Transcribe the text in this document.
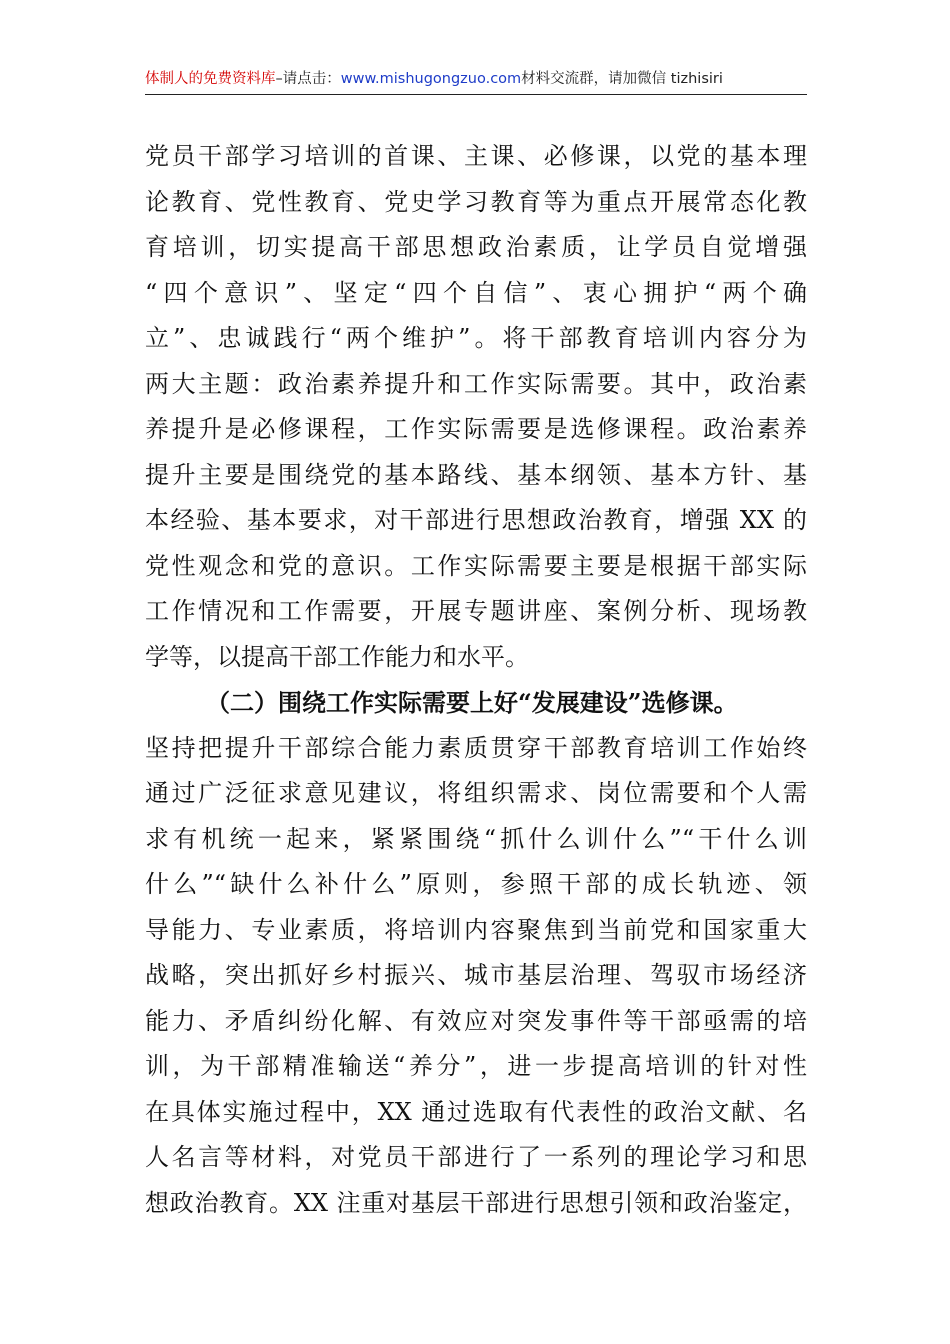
体制人的免费资料库–请点击：www.mishugongzuo.com材料交流群，请加微信 tizhisiri
党员干部学习培训的首课、主课、必修课，以党的基本理
论教育、党性教育、党史学习教育等为重点开展常态化教
育培训，切实提高干部思想政治素质，让学员自觉增强
“四个意识”、坚定“四个自信”、衷心拥护“两个确
立”、忠诚践行“两个维护”。将干部教育培训内容分为
两大主题：政治素养提升和工作实际需要。其中，政治素
养提升是必修课程，工作实际需要是选修课程。政治素养
提升主要是围绕党的基本路线、基本纲领、基本方针、基
本经验、基本要求，对干部进行思想政治教育，增强 XX 的
党性观念和党的意识。工作实际需要主要是根据干部实际
工作情况和工作需要，开展专题讲座、案例分析、现场教
学等，以提高干部工作能力和水平。
（二）围绕工作实际需要上好“发展建设”选修课。
坚持把提升干部综合能力素质贯穿干部教育培训工作始终
通过广泛征求意见建议，将组织需求、岗位需要和个人需
求有机统一起来，紧紧围绕“抓什么训什么”“干什么训
什么”“缺什么补什么”原则，参照干部的成长轨迹、领
导能力、专业素质，将培训内容聚焦到当前党和国家重大
战略，突出抓好乡村振兴、城市基层治理、驾驭市场经济
能力、矛盾纠纷化解、有效应对突发事件等干部亟需的培
训，为干部精准输送“养分”，进一步提高培训的针对性
在具体实施过程中，XX 通过选取有代表性的政治文献、名
人名言等材料，对党员干部进行了一系列的理论学习和思
想政治教育。XX 注重对基层干部进行思想引领和政治鉴定，
